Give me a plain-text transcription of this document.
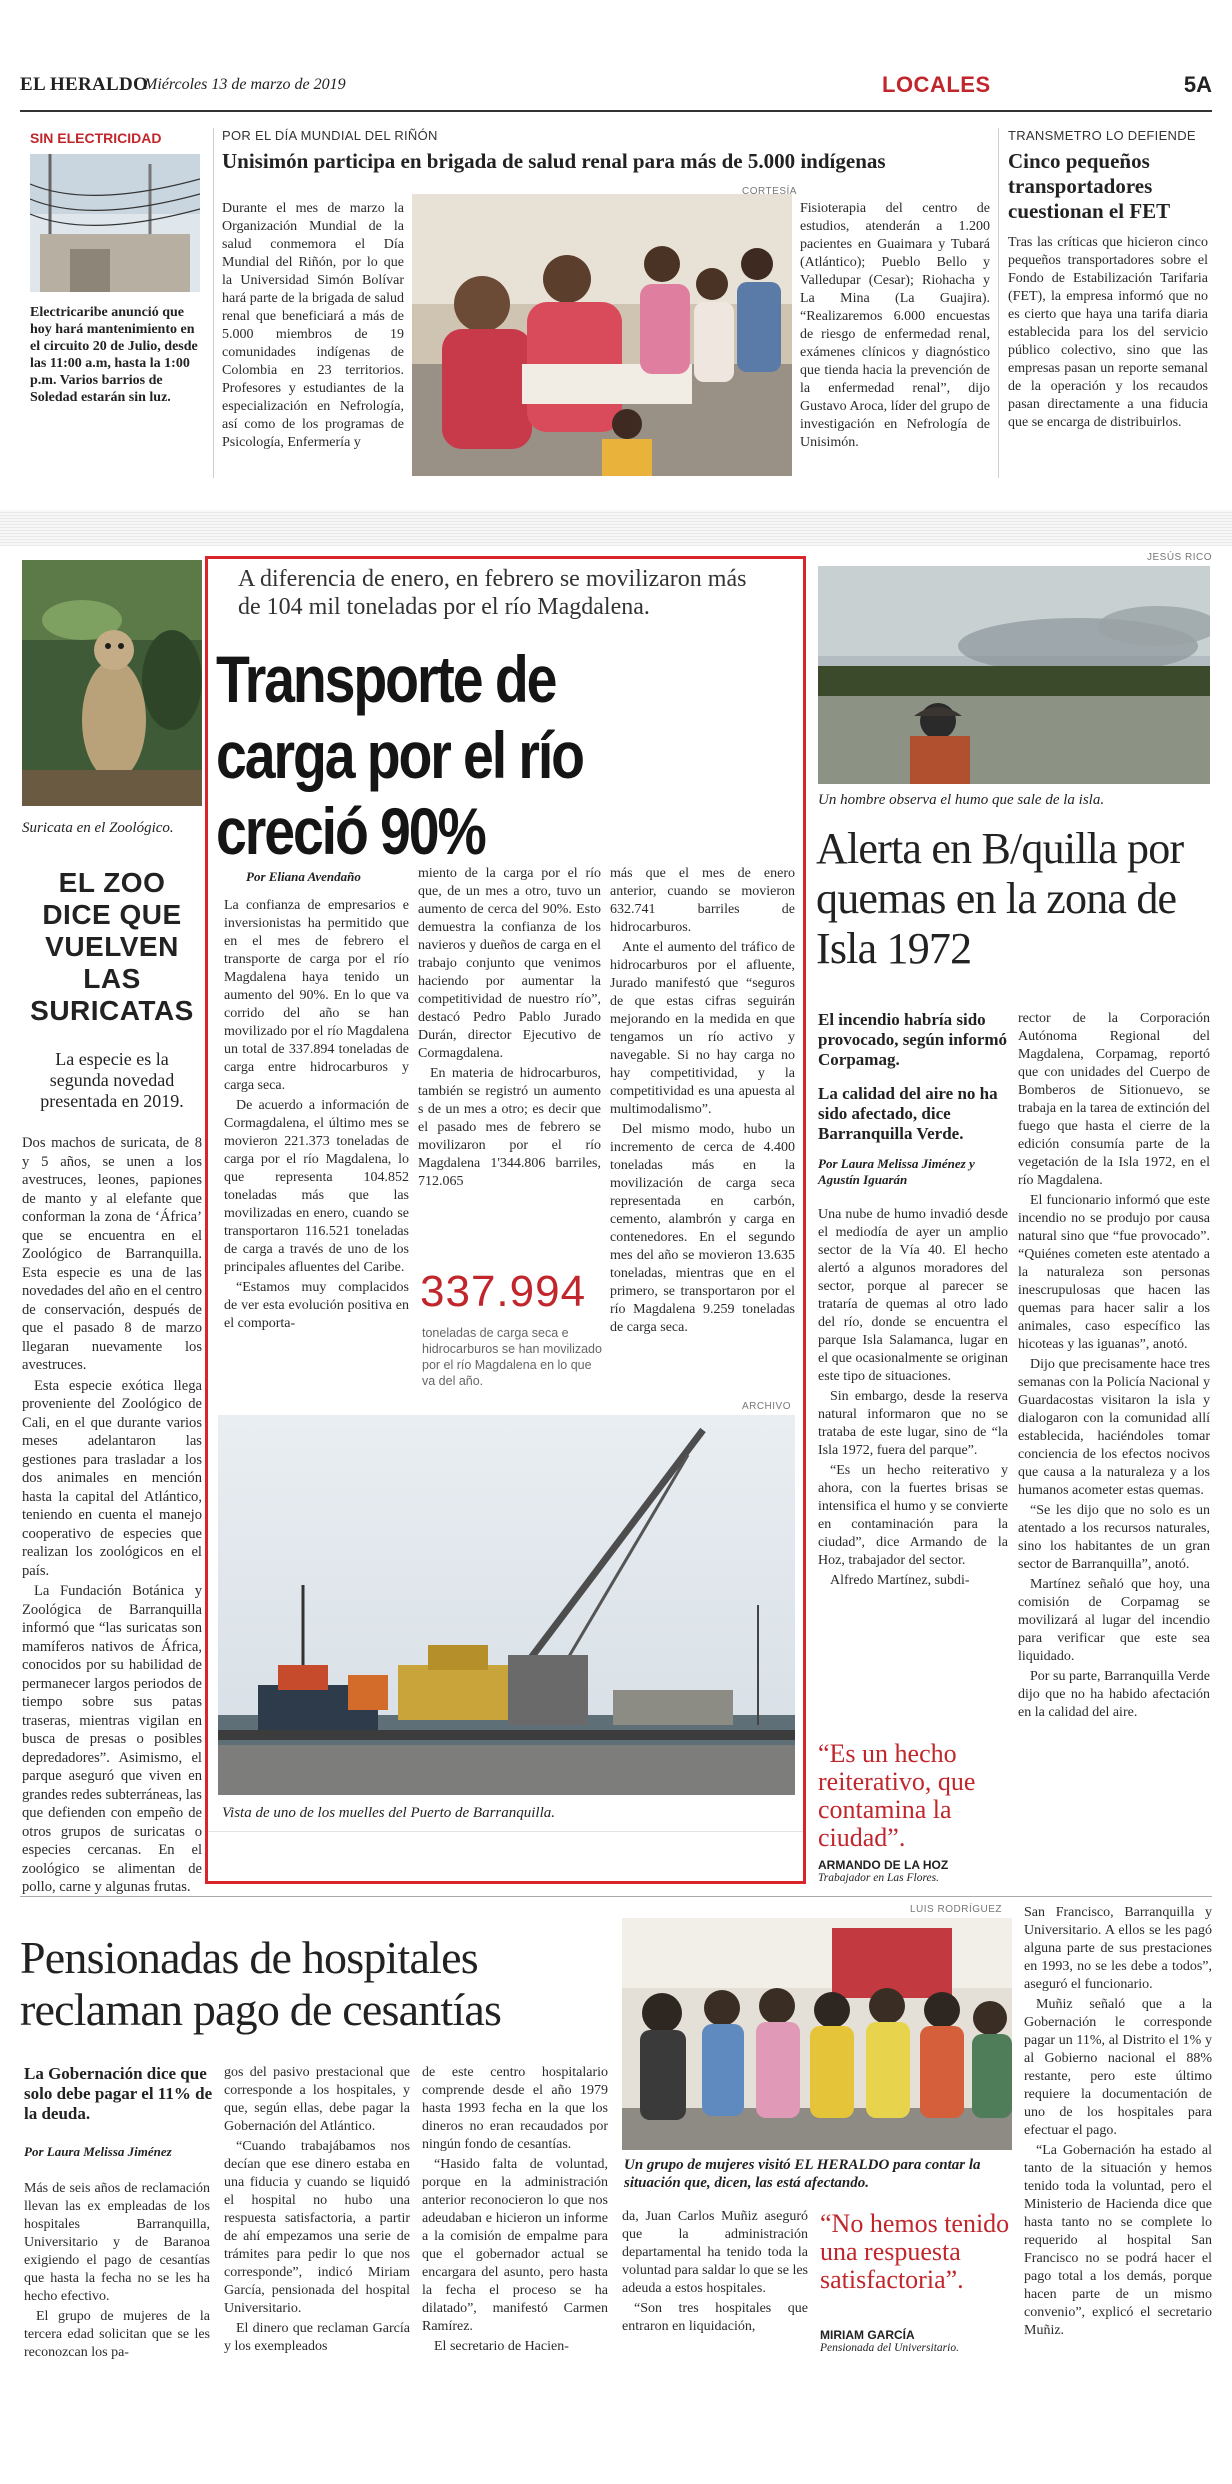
EL HERALDO
Miércoles 13 de marzo de 2019	LOCALES	5A
SIN ELECTRICIDAD
Electricaribe anunció que hoy hará mantenimiento en el circuito 20 de Julio, desde las 11:00 a.m, hasta la 1:00 p.m. Varios barrios de Soledad estarán sin luz.
POR EL DÍA MUNDIAL DEL RIÑÓN
Unisimón participa en brigada de salud renal para más de 5.000 indígenas
Durante el mes de marzo la Organización Mundial de la salud conmemora el Día Mundial del Riñón, por lo que la Universidad Simón Bolívar hará parte de la brigada de salud renal que beneficiará a más de 5.000 miembros de 19 comunidades indígenas de Colombia en 23 territorios. Profesores y estudiantes de la especialización en Nefrología, así como de los programas de Psicología, Enfermería y
CORTESÍA
Fisioterapia del centro de estudios, atenderán a 1.200 pacientes en Guaimara y Tubará (Atlántico); Pueblo Bello y Valledupar (Cesar); Riohacha y La Mina (La Guajira). “Realizaremos 6.000 encuestas de riesgo de enfermedad renal, exámenes clínicos y diagnóstico que tienda hacia la prevención de la enfermedad renal”, dijo Gustavo Aroca, líder del grupo de investigación en Nefrología de Unisimón.
TRANSMETRO LO DEFIENDE
Cinco pequeños transportadores cuestionan el FET
Tras las críticas que hicieron cinco pequeños transportadores sobre el Fondo de Estabilización Tarifaria (FET), la empresa informó que no es cierto que haya una tarifa diaria establecida para los del servicio público colectivo, sino que las empresas pasan un reporte semanal de la operación y los recaudos pasan directamente a una fiducia que se encarga de distribuirlos.
Suricata en el Zoológico.
EL ZOO DICE QUE VUELVEN LAS SURICATAS
La especie es la segunda novedad presentada en 2019.

Dos machos de suricata, de 8 y 5 años, se unen a los avestruces, leones, papiones de manto y al elefante que conforman la zona de ‘África’ que se encuentra en el Zoológico de Barranquilla. Esta especie es una de las novedades del año en el centro de conservación, después de que el pasado 8 de marzo llegaran nuevamente los avestruces.

Esta especie exótica llega proveniente del Zoológico de Cali, en el que durante varios meses adelantaron las gestiones para trasladar a los dos animales en mención hasta la capital del Atlántico, teniendo en cuenta el manejo cooperativo de especies que realizan los zoológicos en el país.

La Fundación Botánica y Zoológica de Barranquilla informó que “las suricatas son mamíferos nativos de África, conocidos por su habilidad de permanecer largos periodos de tiempo sobre sus patas traseras, mientras vigilan en busca de presas o posibles depredadores”. Asimismo, el parque aseguró que viven en grandes redes subterráneas, las que defienden con empeño de otros grupos de suricatas o especies cercanas. En el zoológico se alimentan de pollo, carne y algunas frutas.

A diferencia de enero, en febrero se movilizaron más de 104 mil toneladas por el río Magdalena.
Transporte de carga por el río creció 90%
Por Eliana Avendaño

La confianza de empresarios e inversionistas ha permitido que en el mes de febrero el transporte de carga por el río Magdalena haya tenido un aumento del 90%. En lo que va corrido del año se han movilizado por el río Magdalena un total de 337.894 toneladas de carga entre hidrocarburos y carga seca.

De acuerdo a información de Cormagdalena, el último mes se movieron 221.373 toneladas de carga por el río Magdalena, lo que representa 104.852 toneladas más que las movilizadas en enero, cuando se transportaron 116.521 toneladas de carga a través de uno de los principales afluentes del Caribe.

“Estamos muy complacidos de ver esta evolución positiva en el comporta-

miento de la carga por el río que, de un mes a otro, tuvo un aumento de cerca del 90%. Esto demuestra la confianza de los navieros y dueños de carga en el trabajo conjunto que venimos haciendo por aumentar la competitividad de nuestro río”, destacó Pedro Pablo Jurado Durán, director Ejecutivo de Cormagdalena.

En materia de hidrocarburos, también se registró un aumento s de un mes a otro; es decir que el pasado mes de febrero se movilizaron por el río Magdalena 1'344.806 barriles, 712.065

337.994
toneladas de carga seca e hidrocarburos se han movilizado por el río Magdalena en lo que va del año.

más que el mes de enero anterior, cuando se movieron 632.741 barriles de hidrocarburos.

Ante el aumento del tráfico de hidrocarburos por el afluente, Jurado manifestó que “seguros de que estas cifras seguirán mejorando en la medida en que tengamos un río activo y navegable. Si no hay carga no hay competitividad, y la competitividad es una apuesta al multimodalismo”.

Del mismo modo, hubo un incremento de cerca de 4.400 toneladas más en la movilización de carga seca representada en carbón, cemento, alambrón y carga en contenedores. En el segundo mes del año se movieron 13.635 toneladas, mientras que en el primero, se transportaron por el río Magdalena 9.259 toneladas de carga seca.

ARCHIVO
Vista de uno de los muelles del Puerto de Barranquilla.
JESÚS RICO
Un hombre observa el humo que sale de la isla.
Alerta en B/quilla por quemas en la zona de Isla 1972
El incendio habría sido provocado, según informó Corpamag.
La calidad del aire no ha sido afectado, dice Barranquilla Verde.
Por Laura Melissa Jiménez y Agustín Iguarán

Una nube de humo invadió desde el mediodía de ayer un amplio sector de la Vía 40. El hecho alertó a algunos moradores del sector, porque al parecer se trataría de quemas al otro lado del río, donde se encuentra el parque Isla Salamanca, lugar en el que ocasionalmente se originan este tipo de situaciones.

Sin embargo, desde la reserva natural informaron que no se trataba de este lugar, sino de “la Isla 1972, fuera del parque”.

“Es un hecho reiterativo y ahora, con la fuertes brisas se intensifica el humo y se convierte en contaminación para la ciudad”, dice Armando de la Hoz, trabajador del sector.

Alfredo Martínez, subdi-

“Es un hecho reiterativo, que contamina la ciudad”.
ARMANDO DE LA HOZ
Trabajador en Las Flores.

rector de la Corporación Autónoma Regional del Magdalena, Corpamag, reportó que con unidades del Cuerpo de Bomberos de Sitionuevo, se trabaja en la tarea de extinción del fuego que hasta el cierre de la edición consumía parte de la vegetación de la Isla 1972, en el río Magdalena.

El funcionario informó que este incendio no se produjo por causa natural sino que “fue provocado”. “Quiénes cometen este atentado a la naturaleza son personas inescrupulosas que hacen las quemas para hacer salir a los animales, caso específico las hicoteas y las iguanas”, anotó.

Dijo que precisamente hace tres semanas con la Policía Nacional y Guardacostas visitaron la isla y dialogaron con la comunidad allí establecida, haciéndoles tomar conciencia de los efectos nocivos que causa a la naturaleza y a los humanos acometer estas quemas.

“Se les dijo que no solo es un atentado a los recursos naturales, sino los habitantes de un gran sector de Barranquilla”, anotó.

Martínez señaló que hoy, una comisión de Corpamag se movilizará al lugar del incendio para verificar que este sea liquidado.

Por su parte, Barranquilla Verde dijo que no ha habido afectación en la calidad del aire.

Pensionadas de hospitales reclaman pago de cesantías
La Gobernación dice que solo debe pagar el 11% de la deuda.
Por Laura Melissa Jiménez

Más de seis años de reclamación llevan las ex empleadas de los hospitales Barranquilla, Universitario y de Baranoa exigiendo el pago de cesantías que hasta la fecha no se les ha hecho efectivo.

El grupo de mujeres de la tercera edad solicitan que se les reconozcan los pa-

gos del pasivo prestacional que corresponde a los hospitales, y que, según ellas, debe pagar la Gobernación del Atlántico.

“Cuando trabajábamos nos decían que ese dinero estaba en una fiducia y cuando se liquidó el hospital no hubo una respuesta satisfactoria, a partir de ahí empezamos una serie de trámites para pedir lo que nos corresponde”, indicó Miriam García, pensionada del hospital Universitario.

El dinero que reclaman García y los exempleados

de este centro hospitalario comprende desde el año 1979 hasta 1993 fecha en la que los dineros no eran recaudados por ningún fondo de cesantías.

“Hasido falta de voluntad, porque en la administración anterior reconocieron lo que nos adeudaban e hicieron un informe a la comisión de empalme para que el gobernador actual se encargara del asunto, pero hasta la fecha el proceso se ha dilatado”, manifestó Carmen Ramírez.

El secretario de Hacien-

LUIS RODRÍGUEZ
Un grupo de mujeres visitó EL HERALDO para contar la situación que, dicen, las está afectando.

da, Juan Carlos Muñiz aseguró que la administración departamental ha tenido toda la voluntad para saldar lo que se les adeuda a estos hospitales.

“Son tres hospitales que entraron en liquidación,

“No hemos tenido una respuesta satisfactoria”.
MIRIAM GARCÍA
Pensionada del Universitario.

San Francisco, Barranquilla y Universitario. A ellos se les pagó alguna parte de sus prestaciones en 1993, no se les debe a todos”, aseguró el funcionario.

Muñiz señaló que a la Gobernación le corresponde pagar un 11%, al Distrito el 1% y al Gobierno nacional el 88% restante, pero este último requiere la documentación de uno de los hospitales para efectuar el pago.

“La Gobernación ha estado al tanto de la situación y hemos tenido toda la voluntad, pero el Ministerio de Hacienda dice que hasta tanto no se complete lo requerido al hospital San Francisco no se podrá hacer el pago total a los demás, porque hacen parte de un mismo convenio”, explicó el secretario Muñiz.
